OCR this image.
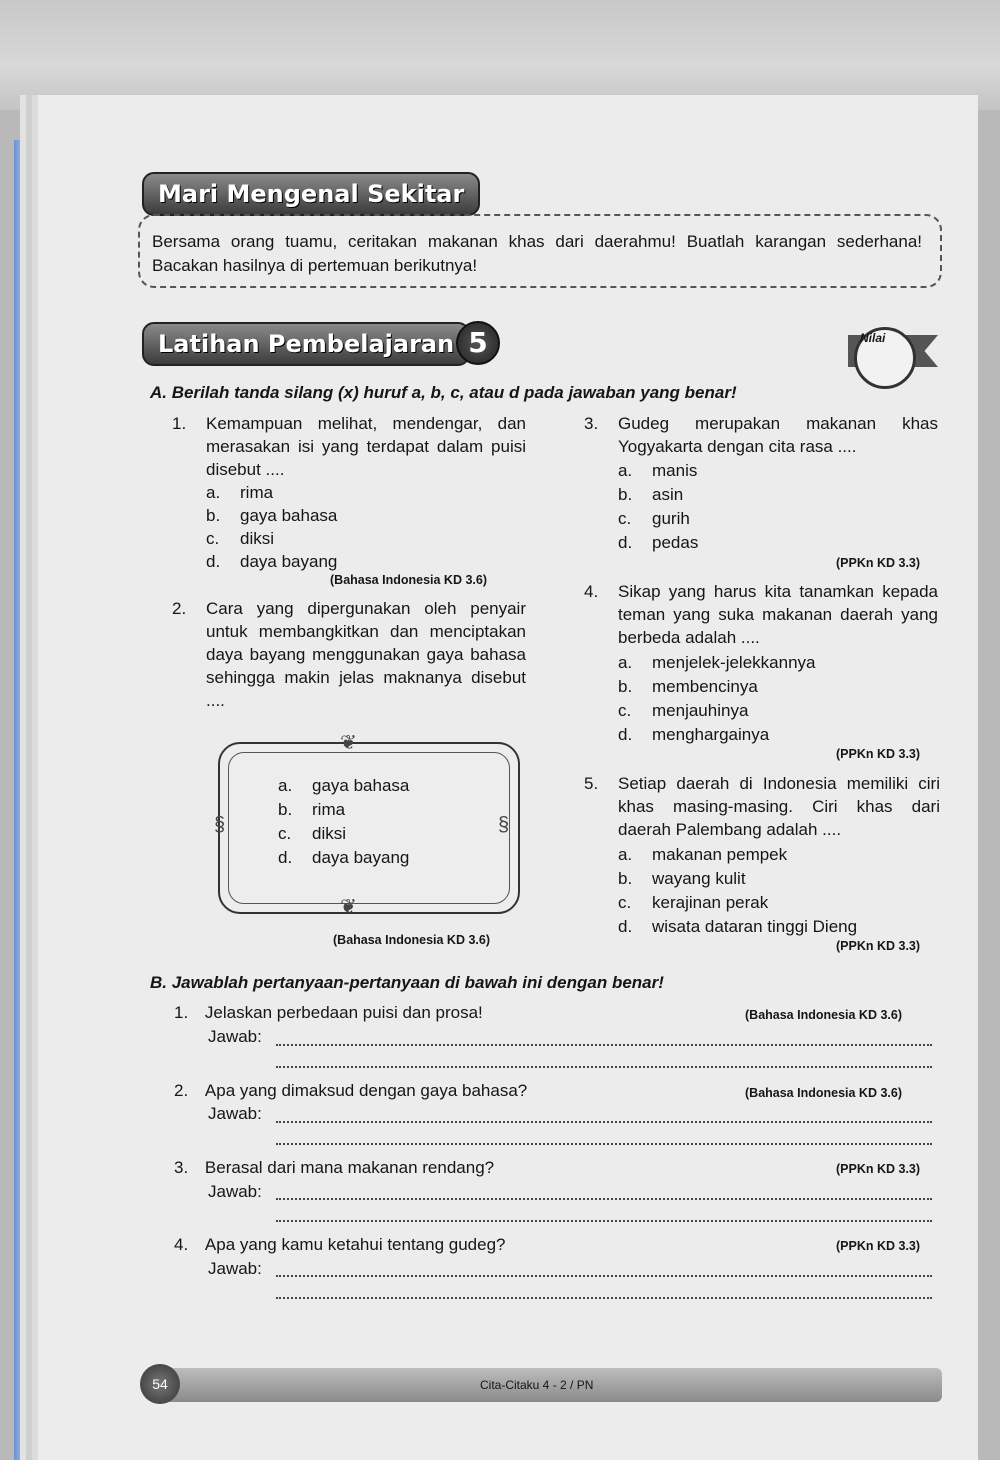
Mari Mengenal Sekitar
Bersama orang tuamu, ceritakan makanan khas dari daerahmu! Buatlah karangan sederhana! Bacakan hasilnya di pertemuan berikutnya!
Latihan Pembelajaran 5	Nilai
A. Berilah tanda silang (x) huruf a, b, c, atau d pada jawaban yang benar!
1. Kemampuan melihat, mendengar, dan merasakan isi yang terdapat dalam puisi disebut ....
a. rima
b. gaya bahasa
c. diksi
d. daya bayang
(Bahasa Indonesia KD 3.6)
2. Cara yang dipergunakan oleh penyair untuk membangkitkan dan menciptakan daya bayang menggunakan gaya bahasa sehingga makin jelas maknanya disebut ....
❦
❦
§	§
a. gaya bahasa
b. rima
c. diksi
d. daya bayang
(Bahasa Indonesia KD 3.6)
3. Gudeg merupakan makanan khas Yogyakarta dengan cita rasa ....
a. manis
b. asin
c. gurih
d. pedas
(PPKn KD 3.3)
4. Sikap yang harus kita tanamkan kepada teman yang suka makanan daerah yang berbeda adalah ....
a. menjelek-jelekkannya
b. membencinya
c. menjauhinya
d. menghargainya
(PPKn KD 3.3)
5. Setiap daerah di Indonesia memiliki ciri khas masing-masing. Ciri khas dari daerah Palembang adalah ....
a. makanan pempek
b. wayang kulit
c. kerajinan perak
d. wisata dataran tinggi Dieng
(PPKn KD 3.3)
B. Jawablah pertanyaan-pertanyaan di bawah ini dengan benar!
1. Jelaskan perbedaan puisi dan prosa!	(Bahasa Indonesia KD 3.6)
Jawab:
2. Apa yang dimaksud dengan gaya bahasa?	(Bahasa Indonesia KD 3.6)
Jawab:
3. Berasal dari mana makanan rendang?	(PPKn KD 3.3)
Jawab:
4. Apa yang kamu ketahui tentang gudeg?	(PPKn KD 3.3)
Jawab:
54	Cita-Citaku 4 - 2 / PN
